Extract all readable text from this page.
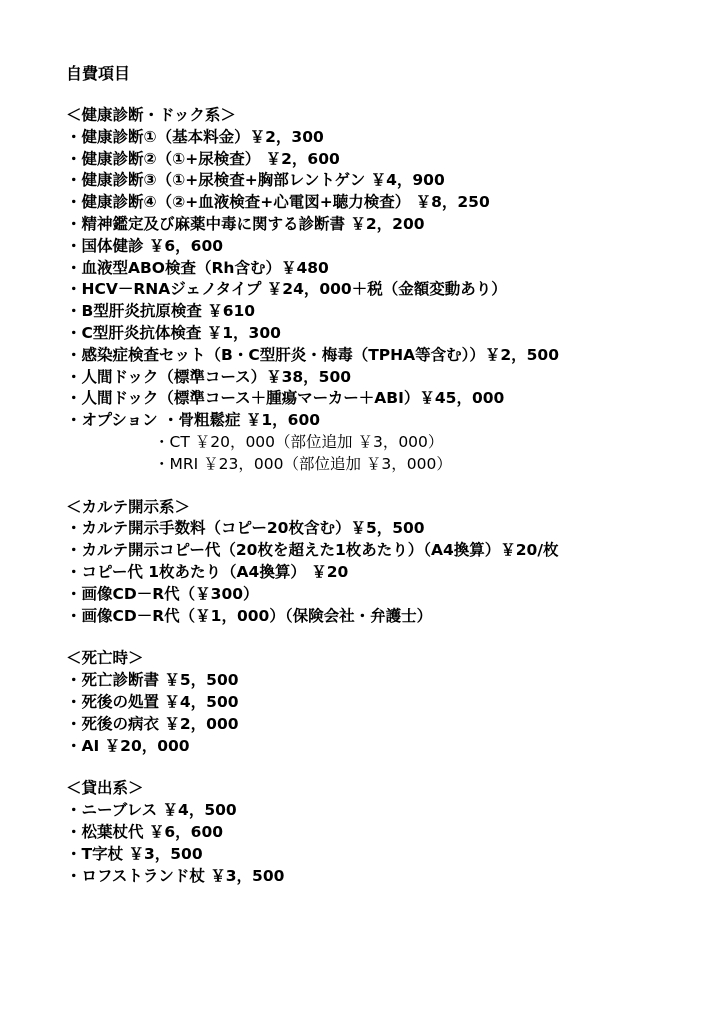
自費項目
＜健康診断・ドック系＞
・健康診断①（基本料金）￥2，300
・健康診断②（①+尿検査） ￥2，600
・健康診断③（①+尿検査+胸部レントゲン ￥4，900
・健康診断④（②+血液検査+心電図+聴力検査） ￥8，250
・精神鑑定及び麻薬中毒に関する診断書 ￥2，200
・国体健診 ￥6，600
・血液型ABO検査（Rh含む）￥480
・HCV－RNAジェノタイプ ￥24，000＋税（金額変動あり）
・B型肝炎抗原検査 ￥610
・C型肝炎抗体検査 ￥1，300
・感染症検査セット（B・C型肝炎・梅毒（TPHA等含む））￥2，500
・人間ドック（標準コース）￥38，500
・人間ドック（標準コース＋腫瘍マーカー＋ABI）￥45，000
・オプション ・骨粗鬆症 ￥1，600
・CT ￥20，000（部位追加 ￥3，000）
・MRI ￥23，000（部位追加 ￥3，000）
＜カルテ開示系＞
・カルテ開示手数料（コピー20枚含む）￥5，500
・カルテ開示コピー代（20枚を超えた1枚あたり）（A4換算）￥20/枚
・コピー代 1枚あたり（A4換算） ￥20
・画像CD－R代（￥300）
・画像CD－R代（￥1，000）（保険会社・弁護士）
＜死亡時＞
・死亡診断書 ￥5，500
・死後の処置 ￥4，500
・死後の病衣 ￥2，000
・AI ￥20，000
＜貸出系＞
・ニーブレス ￥4，500
・松葉杖代 ￥6，600
・T字杖 ￥3，500
・ロフストランド杖 ￥3，500
